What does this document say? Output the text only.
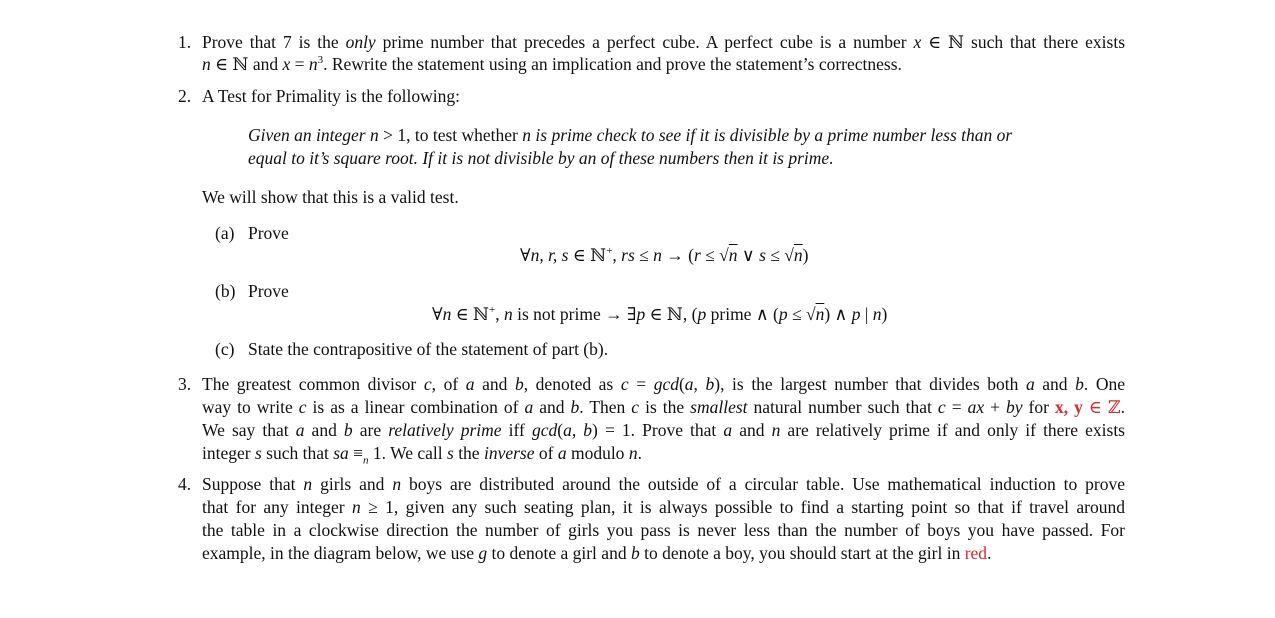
1. Prove that 7 is the only prime number that precedes a perfect cube. A perfect cube is a number x ∈ ℕ such that there exists
n ∈ ℕ and $x = n^3$. Rewrite the statement using an implication and prove the statement’s correctness.
2. A Test for Primality is the following:
Given an integer n > 1, to test whether n is prime check to see if it is divisible by a prime number less than or
equal to it’s square root. If it is not divisible by an of these numbers then it is prime.
We will show that this is a valid test.
(a) Prove
∀n, r, s ∈ ℕ+, rs ≤ n → (r ≤ √n ∨ s ≤ √n)
(b) Prove
∀n ∈ ℕ+, n is not prime → ∃p ∈ ℕ, (p prime ∧ (p ≤ √n) ∧ p | n)
(c) State the contrapositive of the statement of part (b).
3. The greatest common divisor c, of a and b, denoted as c = gcd(a, b), is the largest number that divides both a and b. One
way to write c is as a linear combination of a and b. Then c is the smallest natural number such that c = ax + by for x, y ∈ ℤ.
We say that a and b are relatively prime iff gcd(a, b) = 1. Prove that a and n are relatively prime if and only if there exists
integer s such that sa $\equiv_n$ 1. We call s the inverse of a modulo n.
4. Suppose that n girls and n boys are distributed around the outside of a circular table. Use mathematical induction to prove
that for any integer n ≥ 1, given any such seating plan, it is always possible to find a starting point so that if travel around
the table in a clockwise direction the number of girls you pass is never less than the number of boys you have passed. For
example, in the diagram below, we use g to denote a girl and b to denote a boy, you should start at the girl in red.
